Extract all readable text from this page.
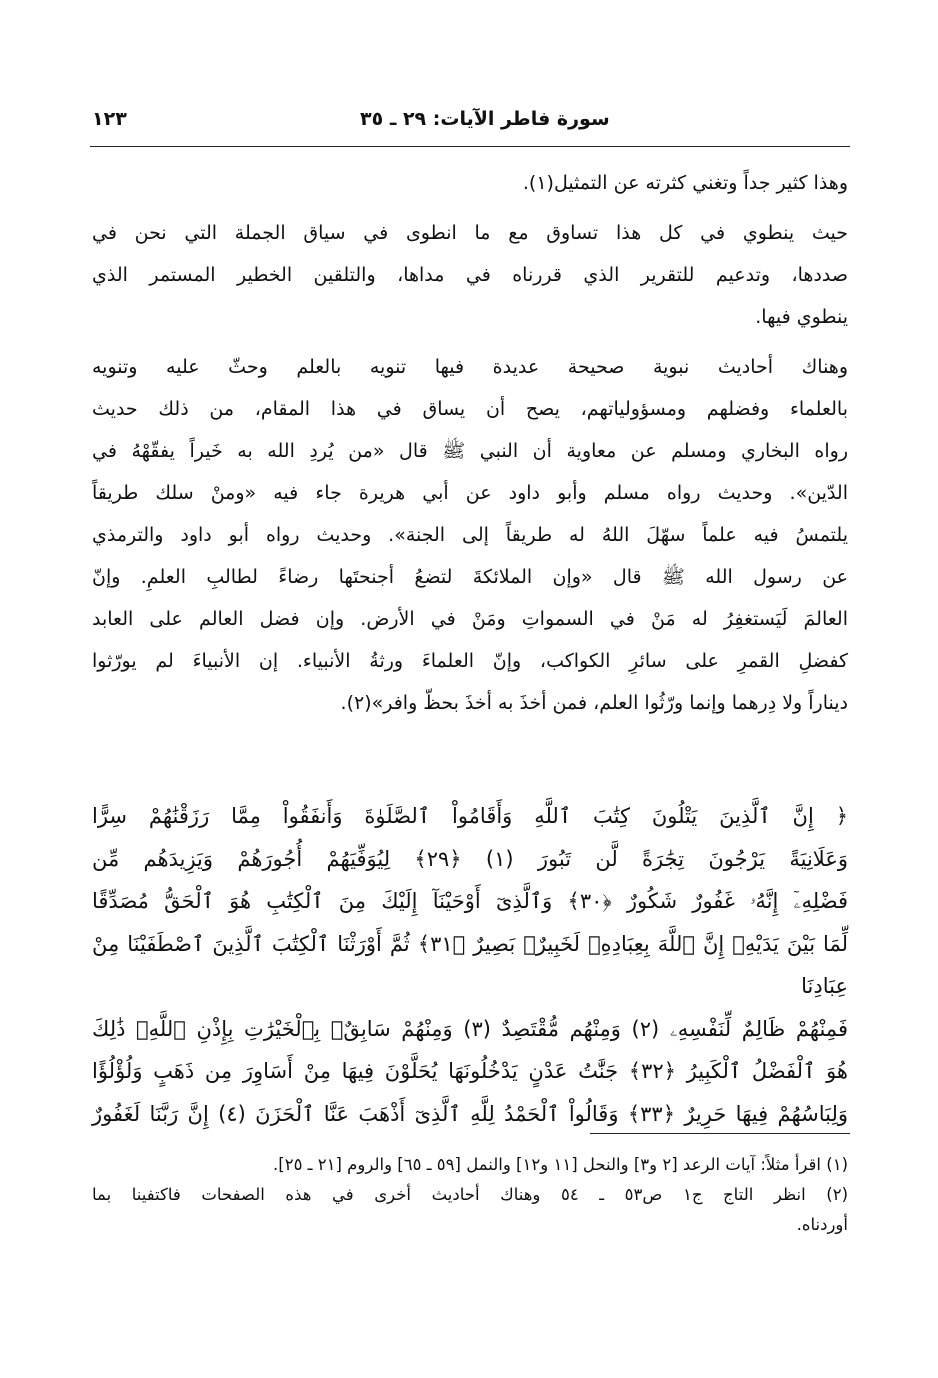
١٢٣	سورة فاطر الآيات: ٢٩ ـ ٣٥
وهذا كثير جداً وتغني كثرته عن التمثيل(١).
حيث ينطوي في كل هذا تساوق مع ما انطوى في سياق الجملة التي نحن في
صددها، وتدعيم للتقرير الذي قررناه في مداها، والتلقين الخطير المستمر الذي
ينطوي فيها.
وهناك أحاديث نبوية صحيحة عديدة فيها تنويه بالعلم وحثّ عليه وتنويه
بالعلماء وفضلهم ومسؤولياتهم، يصح أن يساق في هذا المقام، من ذلك حديث
رواه البخاري ومسلم عن معاوية أن النبي ﷺ قال «من يُردِ الله به خَيراً يفقّهْهُ في
الدّين». وحديث رواه مسلم وأبو داود عن أبي هريرة جاء فيه «ومنْ سلك طريقاً
يلتمسُ فيه علماً سهّلَ اللهُ له طريقاً إلى الجنة». وحديث رواه أبو داود والترمذي
عن رسول الله ﷺ قال «وإن الملائكةَ لتضعُ أجنحتَها رضاءً لطالبِ العلمِ. وإنّ
العالمَ لَيَستغفِرُ له مَنْ في السمواتِ ومَنْ في الأرض. وإن فضل العالم على العابد
كفضلِ القمرِ على سائرِ الكواكب، وإنّ العلماءَ ورثةُ الأنبياء. إن الأنبياءَ لم يورّثوا
ديناراً ولا دِرهما وإنما ورّثُوا العلم، فمن أخذَ به أخذَ بحظّ وافر»(٢).
﴿ إِنَّ ٱلَّذِينَ يَتْلُونَ كِتَٰبَ ٱللَّهِ وَأَقَامُواْ ٱلصَّلَوٰةَ وَأَنفَقُواْ مِمَّا رَزَقْنَٰهُمْ سِرًّا
وَعَلَانِيَةً يَرْجُونَ تِجَٰرَةً لَّن تَبُورَ (١) ﴿٢٩﴾ لِيُوَفِّيَهُمْ أُجُورَهُمْ وَيَزِيدَهُم مِّن
فَضْلِهِۦٓ إِنَّهُۥ غَفُورٌ شَكُورٌ ﴿٣٠﴾ وَٱلَّذِىٓ أَوْحَيْنَآ إِلَيْكَ مِنَ ٱلْكِتَٰبِ هُوَ ٱلْحَقُّ مُصَدِّقًا
لِّمَا بَيْنَ يَدَيْهِۗ إِنَّ ٱللَّهَ بِعِبَادِهِۦ لَخَبِيرٌۢ بَصِيرٌ ﴿٣١﴾ ثُمَّ أَوْرَثْنَا ٱلْكِتَٰبَ ٱلَّذِينَ ٱصْطَفَيْنَا مِنْ عِبَادِنَا
فَمِنْهُمْ ظَالِمٌ لِّنَفْسِهِۦ (٢) وَمِنْهُم مُّقْتَصِدٌ (٣) وَمِنْهُمْ سَابِقٌۢ بِٱلْخَيْرَٰتِ بِإِذْنِ ٱللَّهِۚ ذَٰلِكَ
هُوَ ٱلْفَضْلُ ٱلْكَبِيرُ ﴿٣٢﴾ جَنَّٰتُ عَدْنٍ يَدْخُلُونَهَا يُحَلَّوْنَ فِيهَا مِنْ أَسَاوِرَ مِن ذَهَبٍ وَلُؤْلُؤًا
وَلِبَاسُهُمْ فِيهَا حَرِيرٌ ﴿٣٣﴾ وَقَالُواْ ٱلْحَمْدُ لِلَّهِ ٱلَّذِىٓ أَذْهَبَ عَنَّا ٱلْحَزَنَ (٤) إِنَّ رَبَّنَا لَغَفُورٌ
(١) اقرأ مثلاً: آيات الرعد [٢ و٣] والنحل [١١ و١٢] والنمل [٥٩ ـ ٦٥] والروم [٢١ ـ ٢٥].
(٢) انظر التاج ج١ ص٥٣ ـ ٥٤ وهناك أحاديث أخرى في هذه الصفحات فاكتفينا بما
أوردناه.
